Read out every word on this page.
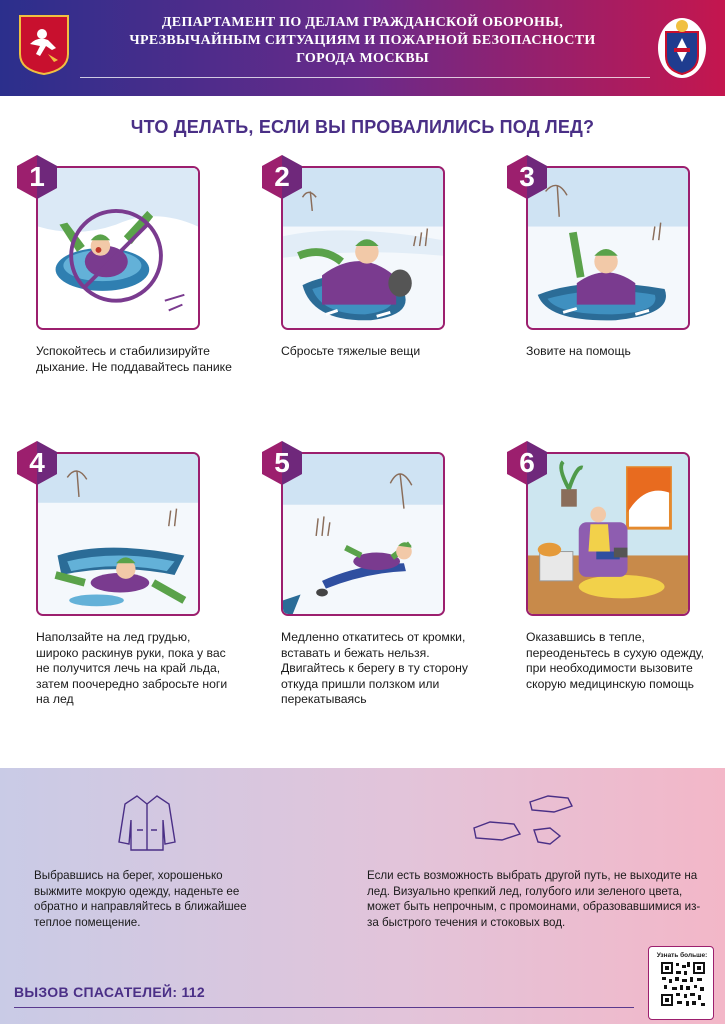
ДЕПАРТАМЕНТ ПО ДЕЛАМ ГРАЖДАНСКОЙ ОБОРОНЫ,
ЧРЕЗВЫЧАЙНЫМ СИТУАЦИЯМ И ПОЖАРНОЙ БЕЗОПАСНОСТИ
ГОРОДА МОСКВЫ
ЧТО ДЕЛАТЬ, ЕСЛИ ВЫ ПРОВАЛИЛИСЬ ПОД ЛЕД?
1
Успокойтесь и стабилизируйте дыхание. Не поддавайтесь панике
2
Сбросьте тяжелые вещи
3
Зовите на помощь
4
Наползайте на лед грудью, широко раскинув руки, пока у вас не получится лечь на край льда, затем поочередно забросьте ноги на лед
5
Медленно откатитесь от кромки, вставать и бежать нельзя. Двигайтесь к берегу в ту сторону откуда пришли ползком или перекатываясь
6
Оказавшись в тепле, переоденьтесь в сухую одежду, при необходимости вызовите скорую медицинскую помощь
Выбравшись на берег, хорошенько выжмите мокрую одежду, наденьте ее обратно и направляйтесь в ближайшее теплое помещение.
Если есть возможность выбрать другой путь, не выходите на лед. Визуально крепкий лед, голубого или зеленого цвета, может быть непрочным, с промоинами, образовавшимися из-за быстрого течения и стоковых вод.
ВЫЗОВ СПАСАТЕЛЕЙ: 112
Узнать больше:
